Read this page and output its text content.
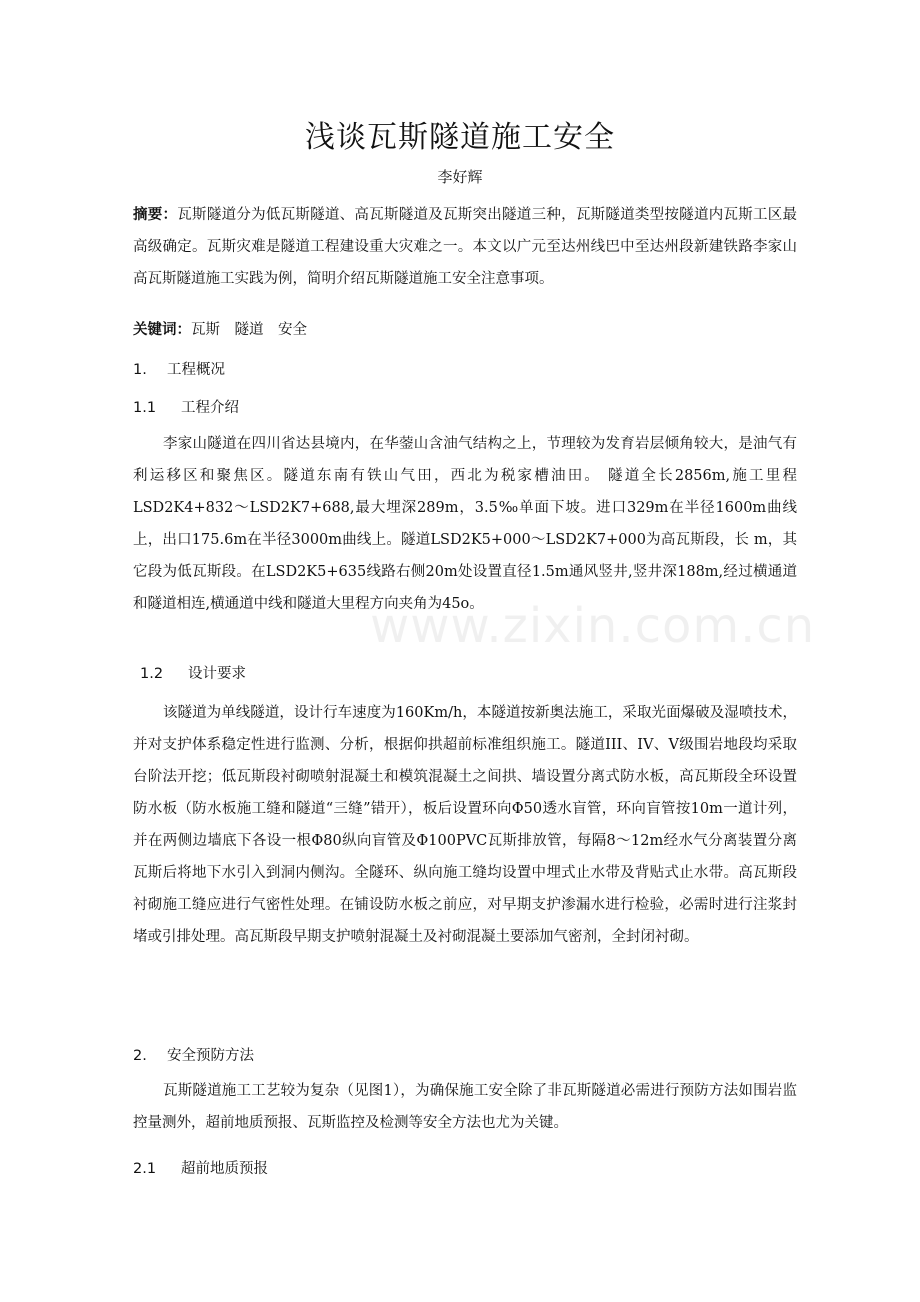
浅谈瓦斯隧道施工安全
李好辉
摘要：瓦斯隧道分为低瓦斯隧道、高瓦斯隧道及瓦斯突出隧道三种，瓦斯隧道类型按隧道内瓦斯工区最高级确定。瓦斯灾难是隧道工程建设重大灾难之一。本文以广元至达州线巴中至达州段新建铁路李家山高瓦斯隧道施工实践为例，简明介绍瓦斯隧道施工安全注意事项。
关键词：瓦斯　隧道　安全
1. 工程概况
1.1 工程介绍
李家山隧道在四川省达县境内，在华蓥山含油气结构之上，节理较为发育岩层倾角较大，是油气有利运移区和聚焦区。隧道东南有铁山气田，西北为税家槽油田。 隧道全长2856m,施工里程LSD2K4+832～LSD2K7+688,最大埋深289m，3.5‰单面下坡。进口329m在半径1600m曲线上，出口175.6m在半径3000m曲线上。隧道LSD2K5+000～LSD2K7+000为高瓦斯段，长 m，其它段为低瓦斯段。在LSD2K5+635线路右侧20m处设置直径1.5m通风竖井,竖井深188m,经过横通道和隧道相连,横通道中线和隧道大里程方向夹角为45o。
1.2 设计要求
该隧道为单线隧道，设计行车速度为160Km/h，本隧道按新奥法施工，采取光面爆破及湿喷技术，并对支护体系稳定性进行监测、分析，根据仰拱超前标准组织施工。隧道III、IV、V级围岩地段均采取台阶法开挖；低瓦斯段衬砌喷射混凝土和模筑混凝土之间拱、墙设置分离式防水板，高瓦斯段全环设置防水板（防水板施工缝和隧道“三缝”错开），板后设置环向Φ50透水盲管，环向盲管按10m一道计列，并在两侧边墙底下各设一根Φ80纵向盲管及Φ100PVC瓦斯排放管，每隔8～12m经水气分离装置分离瓦斯后将地下水引入到洞内侧沟。全隧环、纵向施工缝均设置中埋式止水带及背贴式止水带。高瓦斯段衬砌施工缝应进行气密性处理。在铺设防水板之前应，对早期支护渗漏水进行检验，必需时进行注浆封堵或引排处理。高瓦斯段早期支护喷射混凝土及衬砌混凝土要添加气密剂，全封闭衬砌。
2. 安全预防方法
瓦斯隧道施工工艺较为复杂（见图1），为确保施工安全除了非瓦斯隧道必需进行预防方法如围岩监控量测外，超前地质预报、瓦斯监控及检测等安全方法也尤为关键。
2.1 超前地质预报
www.zixin.com.cn
